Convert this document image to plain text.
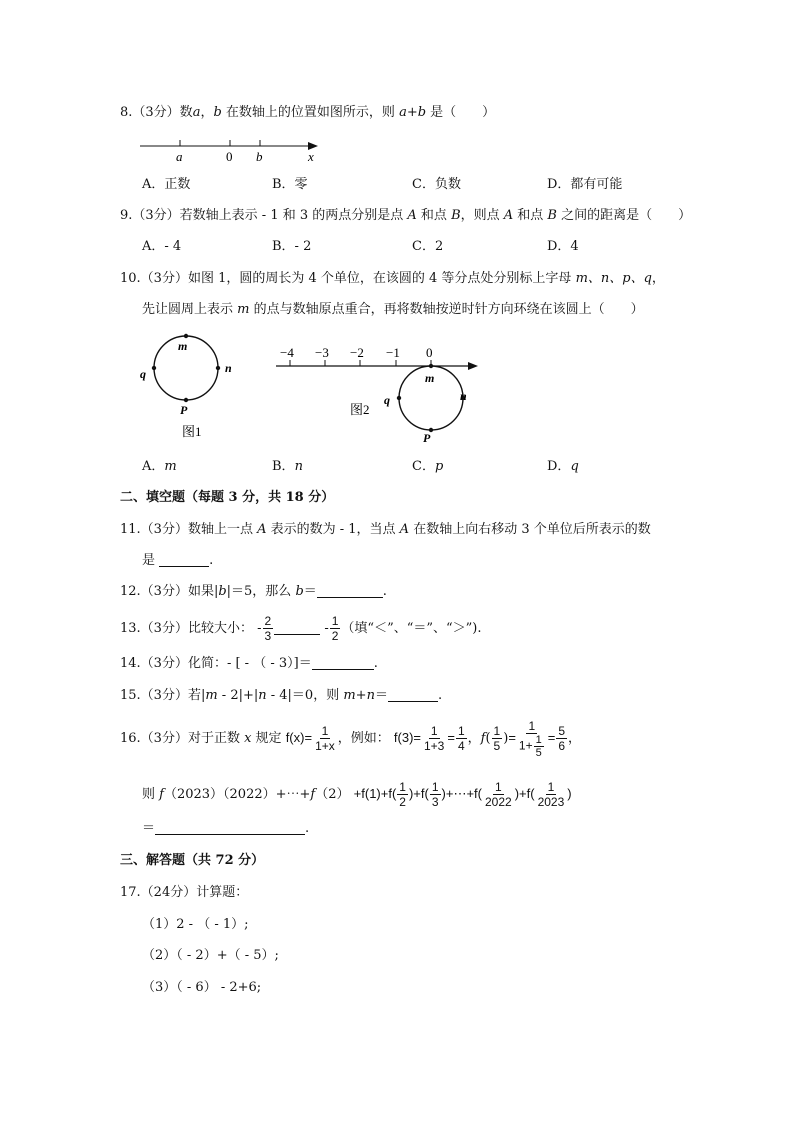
8.（3分）数a，b 在数轴上的位置如图所示，则 a+b 是（　　）
a	0 b	x
A．正数	B．零	C．负数	D．都有可能
9.（3分）若数轴上表示 - 1 和 3 的两点分别是点 A 和点 B，则点 A 和点 B 之间的距离是（　　）
A．- 4	B．- 2	C．2	D．4
10.（3分）如图 1，圆的周长为 4 个单位，在该圆的 4 等分点处分别标上字母 m、n、p、q，
先让圆周上表示 m 的点与数轴原点重合，再将数轴按逆时针方向环绕在该圆上（　　）
m
n
P
q
图1
−4 −3 −2 −1 0
m
n
P
q
图2
A．m	B．n	C．p	D．q
二、填空题（每题 3 分，共 18 分）
11.（3分）数轴上一点 A 表示的数为 - 1，当点 A 在数轴上向右移动 3 个单位后所表示的数
是	.
12.（3分）如果|b|＝5，那么 b＝	.
13.（3分）比较大小： - $\frac{2}{3}$	- $\frac{1}{2}$ （填“＜”、“＝”、“＞”).
14.（3分）化简：- [ - （ - 3）]＝	.
15.（3分）若|m - 2|+|n - 4|＝0，则 m+n＝	.
16.（3分）对于正数 x 规定 $f(x)= \frac{1}{1+x}$ ，例如： $f(3)= \frac{1}{1+3} = \frac{1}{4}$ ，$f( \frac{1}{5}$ )= $\frac{1}{1+ \frac{1}{5}} = \frac{5}{6}$ ，
则 f（2023）（2022）+⋯+f（2） $+f(1)+f( \frac{1}{2} )+f( \frac{1}{3}$ )+⋯+f( $\frac{1}{2022} )+f( \frac{1}{2023}$ )
＝	.
三、解答题（共 72 分）
17.（24分）计算题：
（1）2 - （ - 1）;
（2）（ - 2）+（ - 5）;
（3）（ - 6） - 2+6;
